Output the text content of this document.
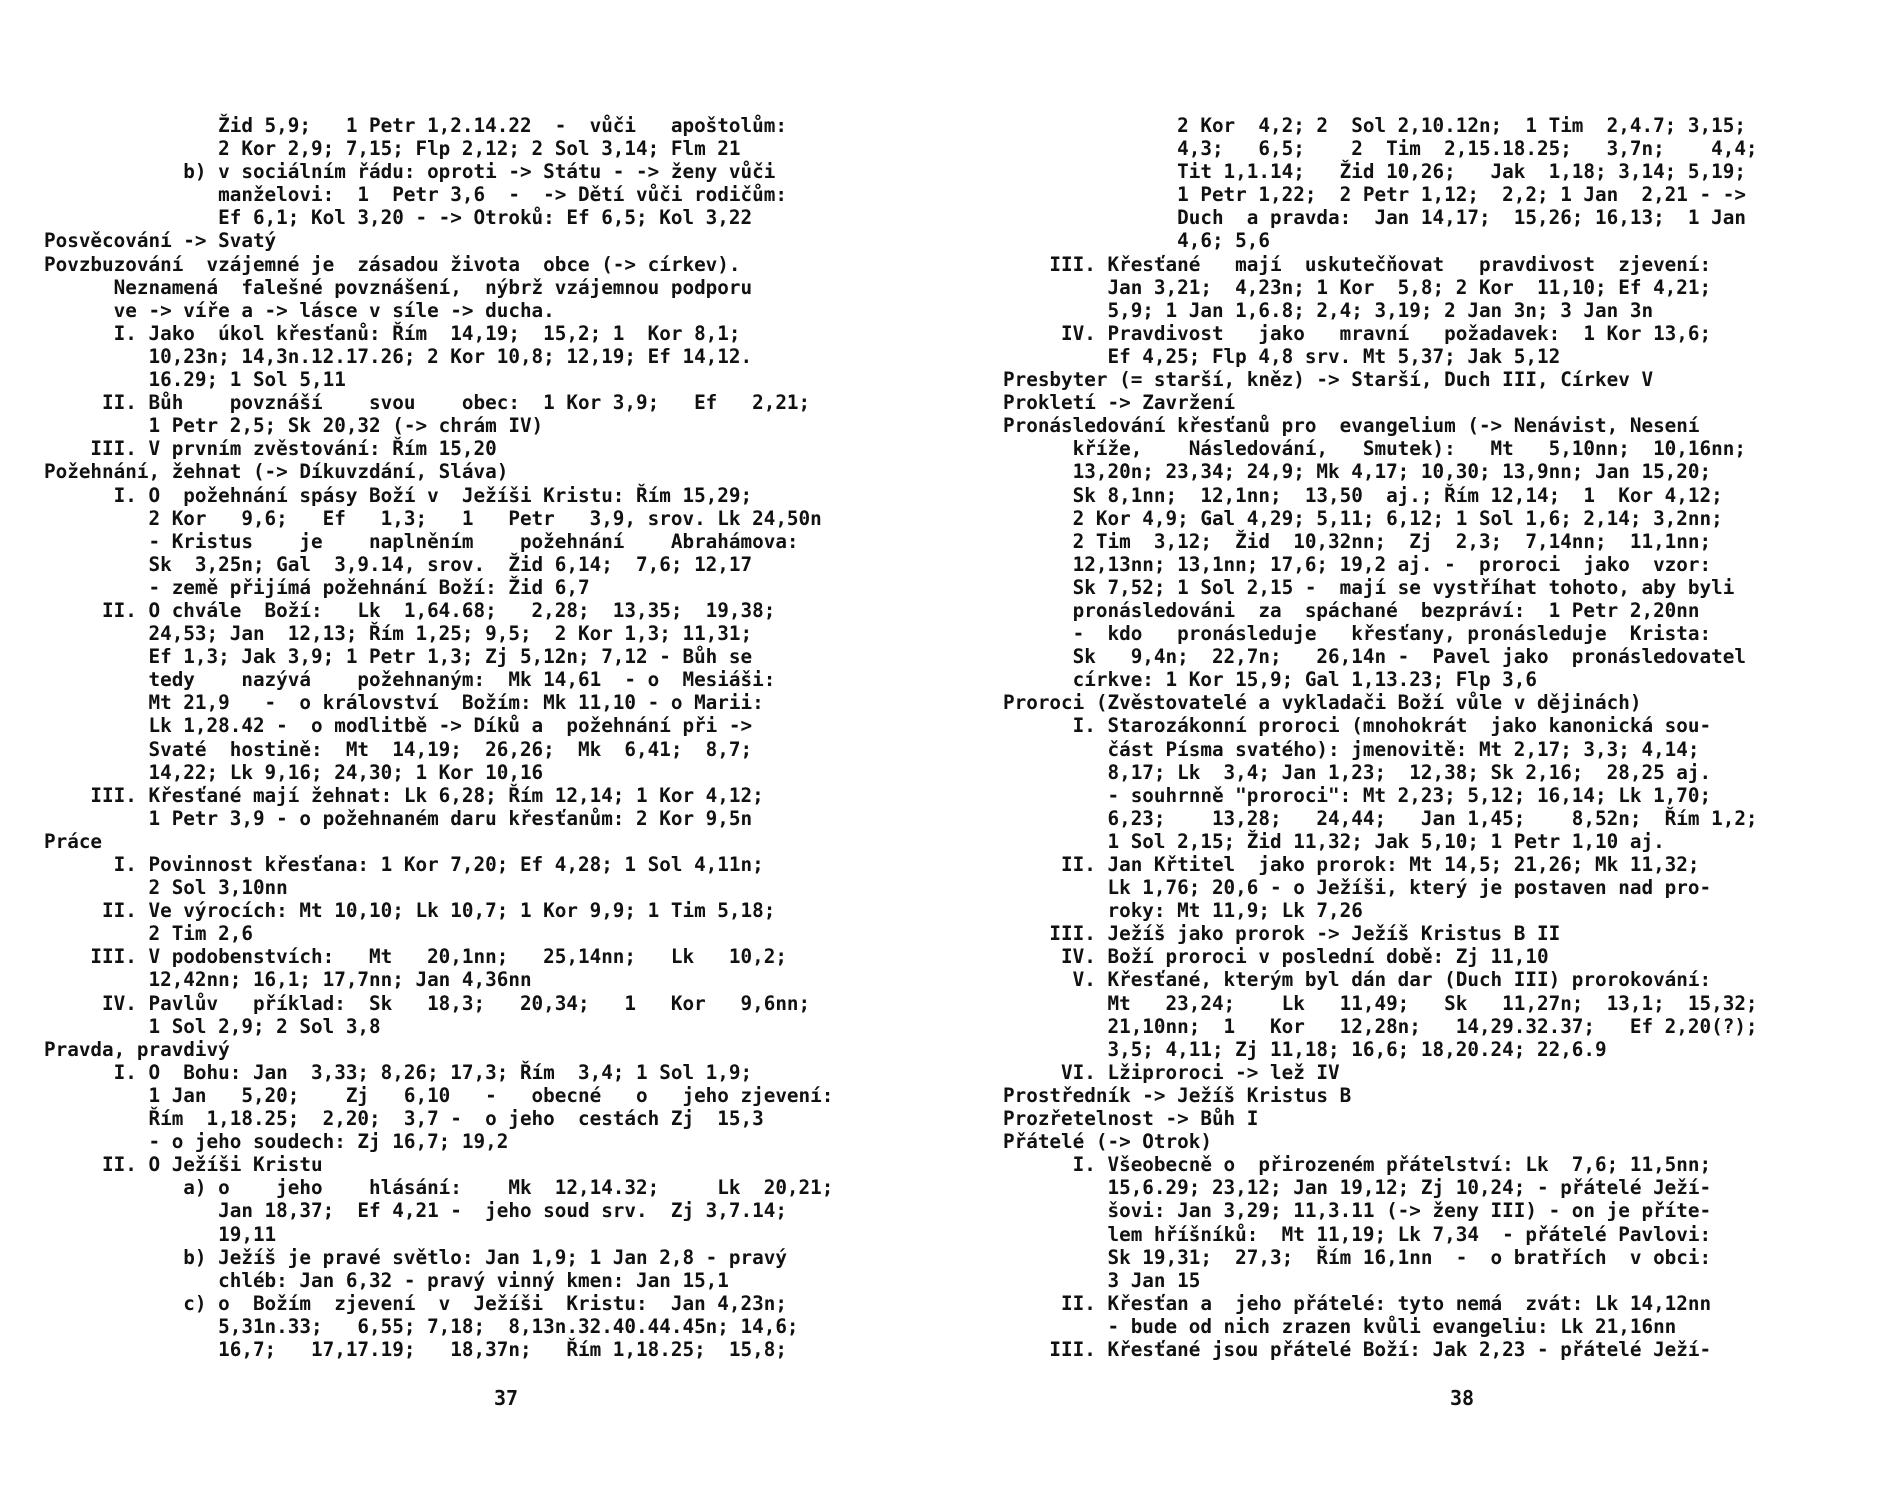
Žid 5,9;   1 Petr 1,2.14.22  -  vůči   apoštolům:
2 Kor 2,9; 7,15; Flp 2,12; 2 Sol 3,14; Flm 21
b) v sociálním řádu: oproti -> Státu - -> ženy vůči
manželovi:  1  Petr 3,6  -  -> Dětí vůči rodičům:
Ef 6,1; Kol 3,20 - -> Otroků: Ef 6,5; Kol 3,22
Posvěcování -> Svatý
Povzbuzování  vzájemné je  zásadou života  obce (-> církev).
Neznamená  falešné povznášení,  nýbrž vzájemnou podporu
ve -> víře a -> lásce v síle -> ducha.
I. Jako  úkol křesťanů: Řím  14,19;  15,2; 1  Kor 8,1;
10,23n; 14,3n.12.17.26; 2 Kor 10,8; 12,19; Ef 14,12.
16.29; 1 Sol 5,11
II. Bůh    povznáší    svou    obec:  1 Kor 3,9;   Ef   2,21;
1 Petr 2,5; Sk 20,32 (-> chrám IV)
III. V prvním zvěstování: Řím 15,20
Požehnání, žehnat (-> Díkuvzdání, Sláva)
I. O  požehnání spásy Boží v  Ježíši Kristu: Řím 15,29;
2 Kor   9,6;   Ef   1,3;   1   Petr   3,9, srov. Lk 24,50n
- Kristus    je    naplněním    požehnání    Abrahámova:
Sk  3,25n; Gal  3,9.14, srov.  Žid 6,14;  7,6; 12,17
- země přijímá požehnání Boží: Žid 6,7
II. O chvále  Boží:   Lk  1,64.68;   2,28;  13,35;  19,38;
24,53; Jan  12,13; Řím 1,25; 9,5;  2 Kor 1,3; 11,31;
Ef 1,3; Jak 3,9; 1 Petr 1,3; Zj 5,12n; 7,12 - Bůh se
tedy    nazývá    požehnaným:  Mk 14,61  - o  Mesiáši:
Mt 21,9   -  o království  Božím: Mk 11,10 - o Marii:
Lk 1,28.42 -  o modlitbě -> Díků a  požehnání při ->
Svaté  hostině:  Mt  14,19;  26,26;  Mk  6,41;  8,7;
14,22; Lk 9,16; 24,30; 1 Kor 10,16
III. Křesťané mají žehnat: Lk 6,28; Řím 12,14; 1 Kor 4,12;
1 Petr 3,9 - o požehnaném daru křesťanům: 2 Kor 9,5n
Práce
I. Povinnost křesťana: 1 Kor 7,20; Ef 4,28; 1 Sol 4,11n;
2 Sol 3,10nn
II. Ve výrocích: Mt 10,10; Lk 10,7; 1 Kor 9,9; 1 Tim 5,18;
2 Tim 2,6
III. V podobenstvích:   Mt   20,1nn;   25,14nn;   Lk   10,2;
12,42nn; 16,1; 17,7nn; Jan 4,36nn
IV. Pavlův   příklad:  Sk   18,3;   20,34;   1   Kor   9,6nn;
1 Sol 2,9; 2 Sol 3,8
Pravda, pravdivý
I. O  Bohu: Jan  3,33; 8,26; 17,3; Řím  3,4; 1 Sol 1,9;
1 Jan   5,20;    Zj   6,10   -   obecné   o   jeho zjevení:
Řím  1,18.25;  2,20;  3,7 -  o jeho  cestách Zj  15,3
- o jeho soudech: Zj 16,7; 19,2
II. O Ježíši Kristu
a) o    jeho    hlásání:    Mk  12,14.32;     Lk  20,21;
Jan 18,37;  Ef 4,21 -  jeho soud srv.  Zj 3,7.14;
19,11
b) Ježíš je pravé světlo: Jan 1,9; 1 Jan 2,8 - pravý
chléb: Jan 6,32 - pravý vinný kmen: Jan 15,1
c) o  Božím  zjevení  v  Ježíši  Kristu:  Jan 4,23n;
5,31n.33;   6,55; 7,18;  8,13n.32.40.44.45n; 14,6;
16,7;   17,17.19;   18,37n;   Řím 1,18.25;  15,8;
2 Kor  4,2; 2  Sol 2,10.12n;  1 Tim  2,4.7; 3,15;
4,3;   6,5;    2  Tim  2,15.18.25;   3,7n;    4,4;
Tit 1,1.14;   Žid 10,26;   Jak  1,18; 3,14; 5,19;
1 Petr 1,22;  2 Petr 1,12;  2,2; 1 Jan  2,21 - ->
Duch  a pravda:  Jan 14,17;  15,26; 16,13;  1 Jan
4,6; 5,6
III. Křesťané   mají  uskutečňovat   pravdivost  zjevení:
Jan 3,21;  4,23n; 1 Kor  5,8; 2 Kor  11,10; Ef 4,21;
5,9; 1 Jan 1,6.8; 2,4; 3,19; 2 Jan 3n; 3 Jan 3n
IV. Pravdivost   jako   mravní   požadavek:  1 Kor 13,6;
Ef 4,25; Flp 4,8 srv. Mt 5,37; Jak 5,12
Presbyter (= starší, kněz) -> Starší, Duch III, Církev V
Prokletí -> Zavržení
Pronásledování křesťanů pro  evangelium (-> Nenávist, Nesení
kříže,    Následování,   Smutek):   Mt   5,10nn;  10,16nn;
13,20n; 23,34; 24,9; Mk 4,17; 10,30; 13,9nn; Jan 15,20;
Sk 8,1nn;  12,1nn;  13,50  aj.; Řím 12,14;  1  Kor 4,12;
2 Kor 4,9; Gal 4,29; 5,11; 6,12; 1 Sol 1,6; 2,14; 3,2nn;
2 Tim  3,12;  Žid  10,32nn;  Zj  2,3;  7,14nn;  11,1nn;
12,13nn; 13,1nn; 17,6; 19,2 aj. -  proroci  jako  vzor:
Sk 7,52; 1 Sol 2,15 -  mají se vystříhat tohoto, aby byli
pronásledováni  za  spáchané  bezpráví:  1 Petr 2,20nn
-  kdo   pronásleduje   křesťany, pronásleduje  Krista:
Sk   9,4n;  22,7n;   26,14n -  Pavel jako  pronásledovatel
církve: 1 Kor 15,9; Gal 1,13.23; Flp 3,6
Proroci (Zvěstovatelé a vykladači Boží vůle v dějinách)
I. Starozákonní proroci (mnohokrát  jako kanonická sou-
část Písma svatého): jmenovitě: Mt 2,17; 3,3; 4,14;
8,17; Lk  3,4; Jan 1,23;  12,38; Sk 2,16;  28,25 aj.
- souhrnně "proroci": Mt 2,23; 5,12; 16,14; Lk 1,70;
6,23;    13,28;   24,44;   Jan 1,45;    8,52n;  Řím 1,2;
1 Sol 2,15; Žid 11,32; Jak 5,10; 1 Petr 1,10 aj.
II. Jan Křtitel  jako prorok: Mt 14,5; 21,26; Mk 11,32;
Lk 1,76; 20,6 - o Ježíši, který je postaven nad pro-
roky: Mt 11,9; Lk 7,26
III. Ježíš jako prorok -> Ježíš Kristus B II
IV. Boží proroci v poslední době: Zj 11,10
V. Křesťané, kterým byl dán dar (Duch III) prorokování:
Mt   23,24;    Lk   11,49;   Sk   11,27n;  13,1;  15,32;
21,10nn;  1   Kor   12,28n;   14,29.32.37;   Ef 2,20(?);
3,5; 4,11; Zj 11,18; 16,6; 18,20.24; 22,6.9
VI. Lžiproroci -> lež IV
Prostředník -> Ježíš Kristus B
Prozřetelnost -> Bůh I
Přátelé (-> Otrok)
I. Všeobecně o  přirozeném přátelství: Lk  7,6; 11,5nn;
15,6.29; 23,12; Jan 19,12; Zj 10,24; - přátelé Ježí-
šovi: Jan 3,29; 11,3.11 (-> ženy III) - on je příte-
lem hříšníků:  Mt 11,19; Lk 7,34  - přátelé Pavlovi:
Sk 19,31;  27,3;  Řím 16,1nn  -  o bratřích  v obci:
3 Jan 15
II. Křesťan a  jeho přátelé: tyto nemá  zvát: Lk 14,12nn
- bude od nich zrazen kvůli evangeliu: Lk 21,16nn
III. Křesťané jsou přátelé Boží: Jak 2,23 - přátelé Ježí-
37	38
